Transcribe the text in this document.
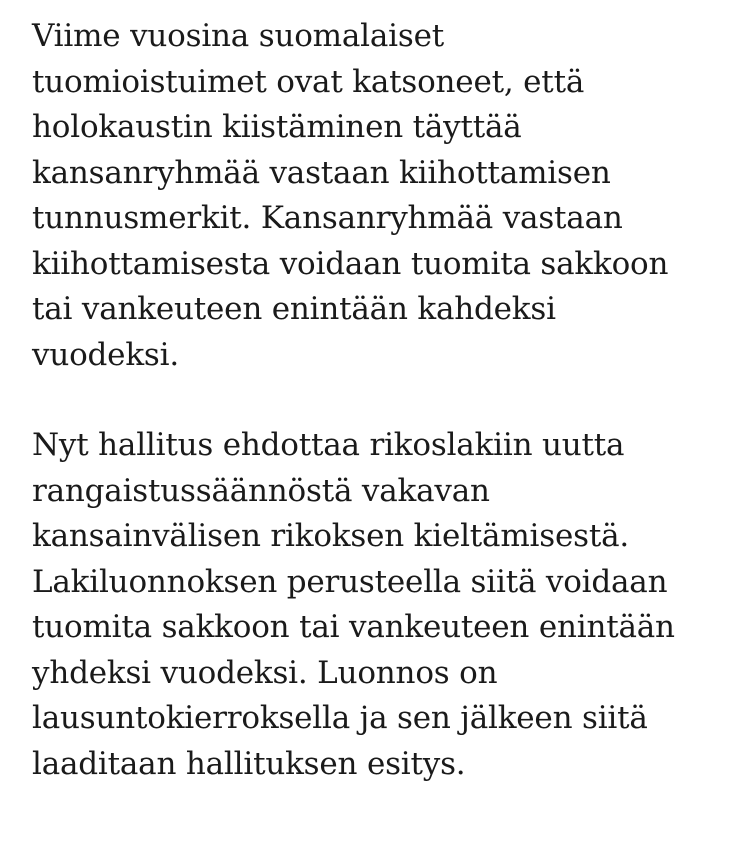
Viime vuosina suomalaiset
tuomioistuimet ovat katsoneet, että
holokaustin kiistäminen täyttää
kansanryhmää vastaan kiihottamisen
tunnusmerkit. Kansanryhmää vastaan
kiihottamisesta voidaan tuomita sakkoon
tai vankeuteen enintään kahdeksi
vuodeksi.

Nyt hallitus ehdottaa rikoslakiin uutta
rangaistussäännöstä vakavan
kansainvälisen rikoksen kieltämisestä.
Lakiluonnoksen perusteella siitä voidaan
tuomita sakkoon tai vankeuteen enintään
yhdeksi vuodeksi. Luonnos on
lausuntokierroksella ja sen jälkeen siitä
laaditaan hallituksen esitys.
